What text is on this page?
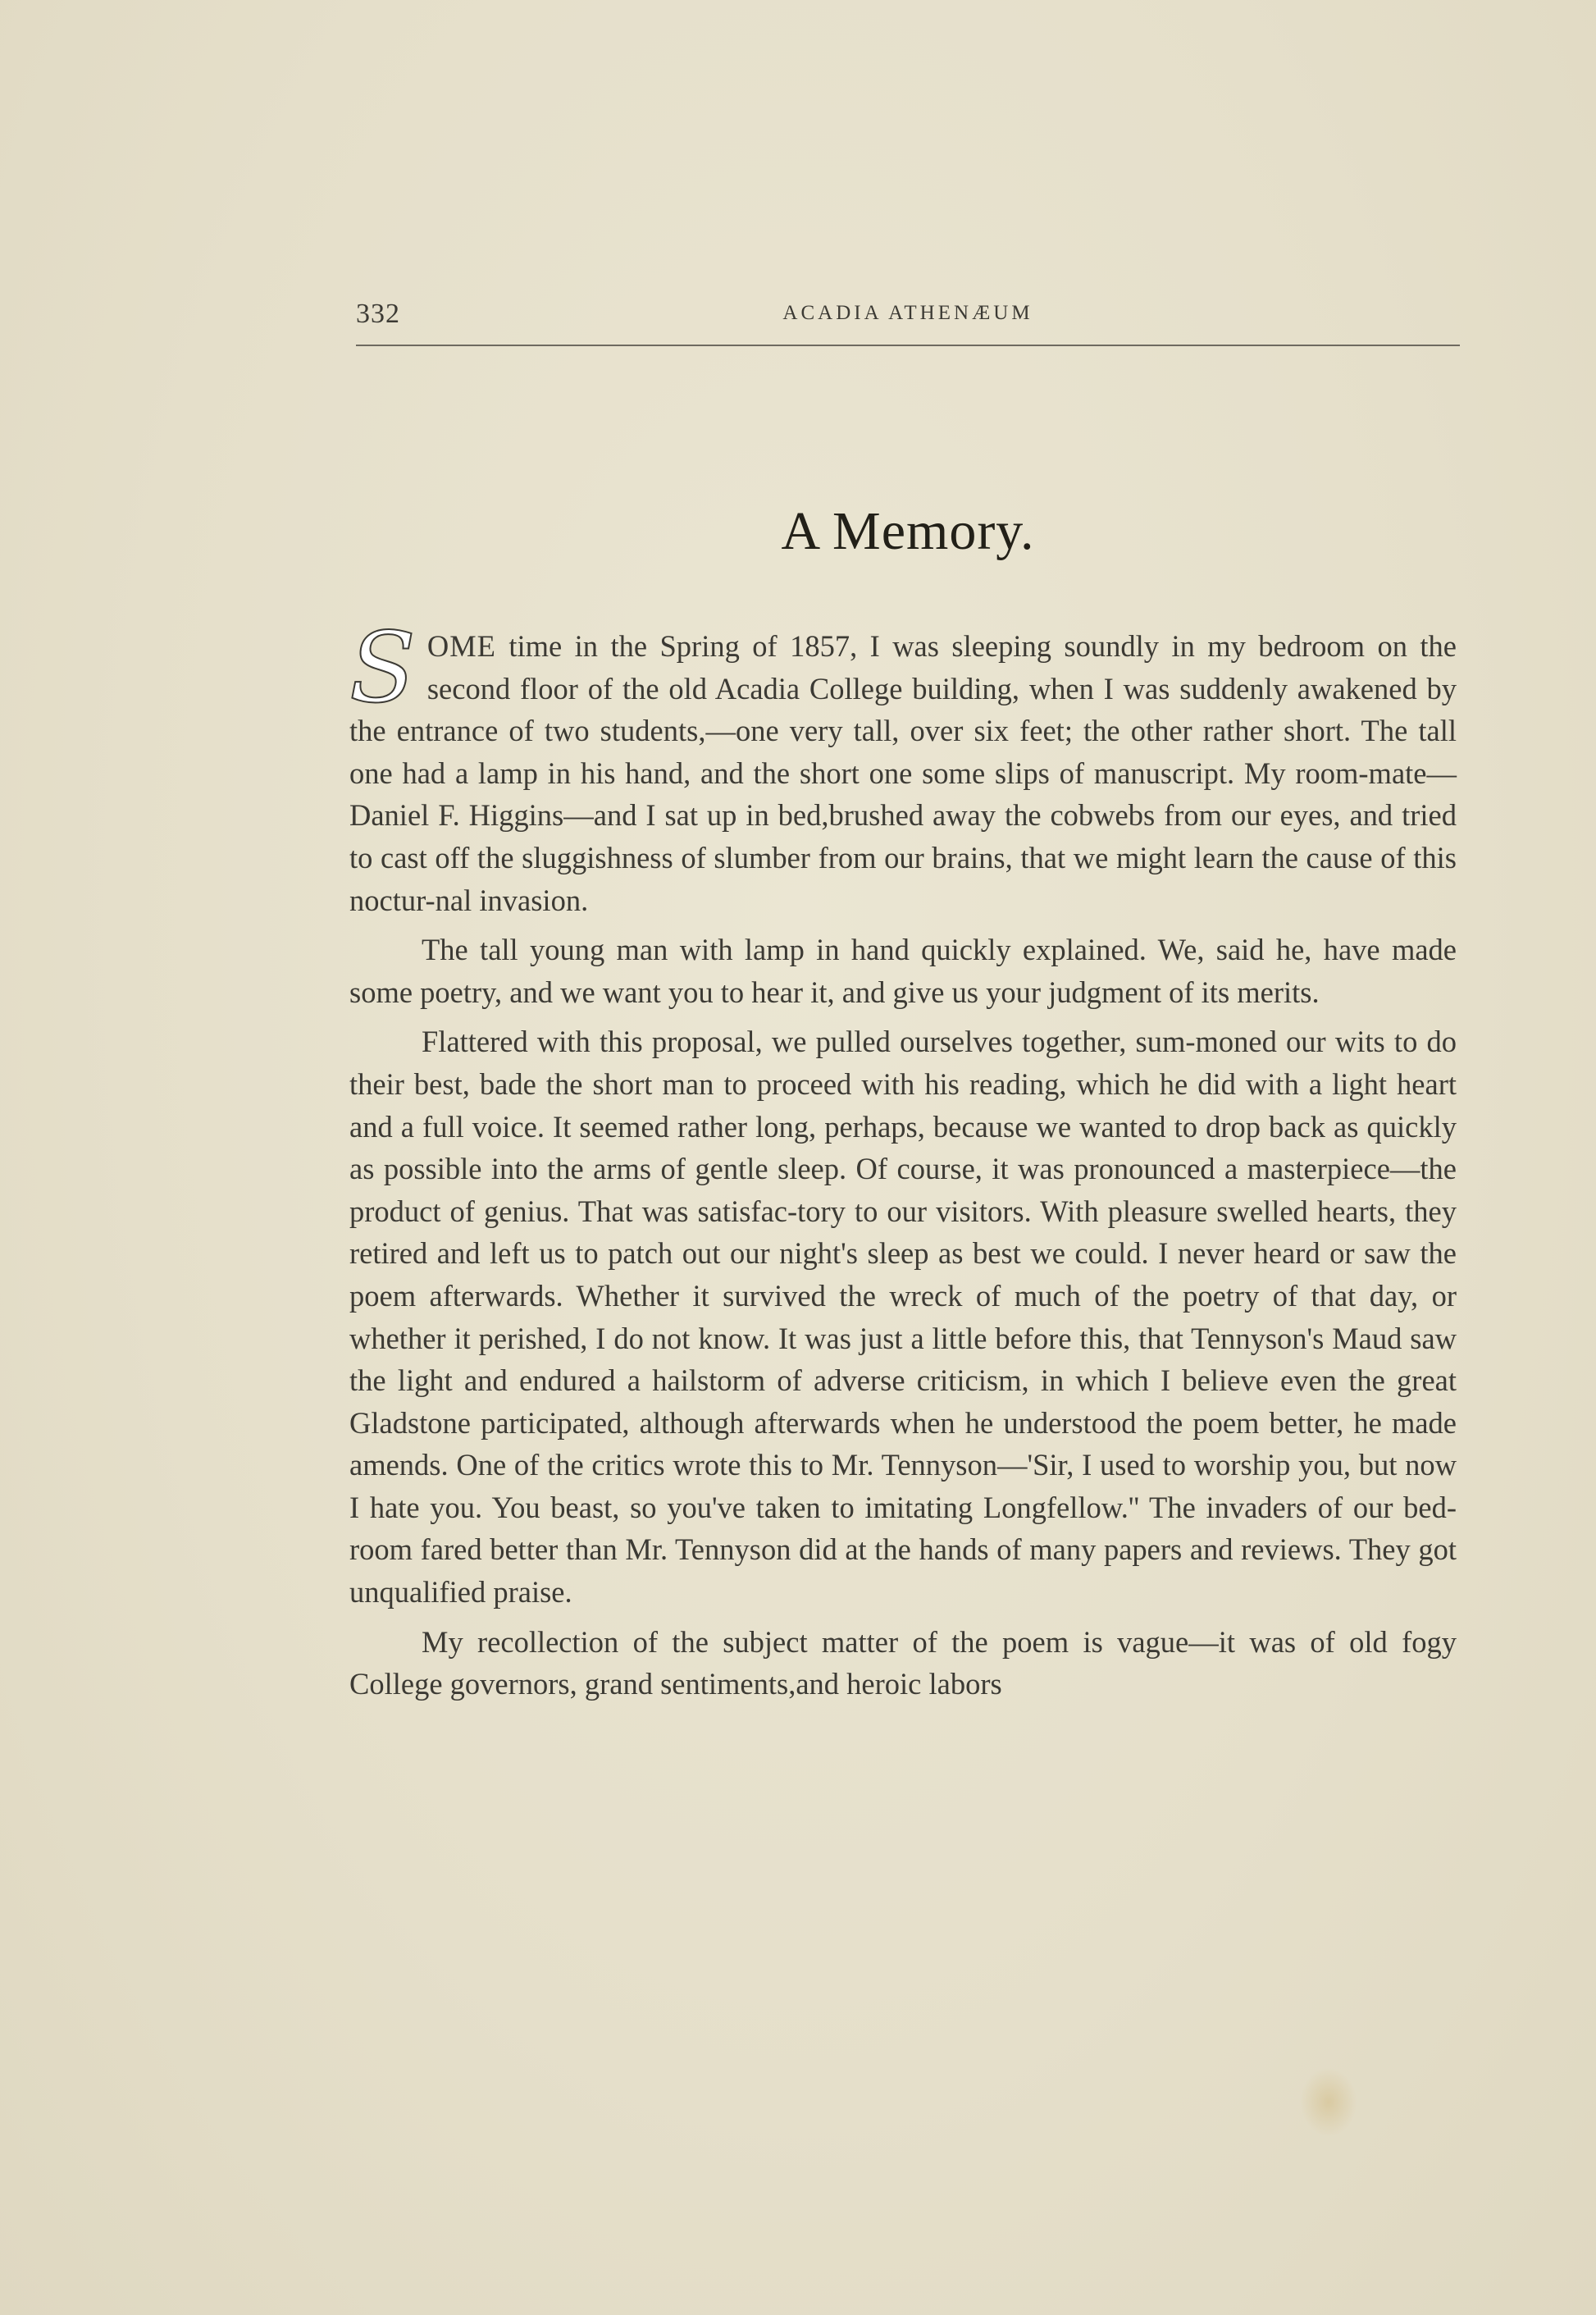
332	ACADIA ATHENÆUM
A Memory.

SOME time in the Spring of 1857, I was sleeping soundly in my bedroom on the second floor of the old Acadia College building, when I was suddenly awakened by the entrance of two students,—one very tall, over six feet; the other rather short. The tall one had a lamp in his hand, and the short one some slips of manuscript. My room-mate—Daniel F. Higgins—and I sat up in bed,brushed away the cobwebs from our eyes, and tried to cast off the sluggishness of slumber from our brains, that we might learn the cause of this noctur-nal invasion.

The tall young man with lamp in hand quickly explained. We, said he, have made some poetry, and we want you to hear it, and give us your judgment of its merits.

Flattered with this proposal, we pulled ourselves together, sum-moned our wits to do their best, bade the short man to proceed with his reading, which he did with a light heart and a full voice. It seemed rather long, perhaps, because we wanted to drop back as quickly as possible into the arms of gentle sleep. Of course, it was pronounced a masterpiece—the product of genius. That was satisfac-tory to our visitors. With pleasure swelled hearts, they retired and left us to patch out our night's sleep as best we could. I never heard or saw the poem afterwards. Whether it survived the wreck of much of the poetry of that day, or whether it perished, I do not know. It was just a little before this, that Tennyson's Maud saw the light and endured a hailstorm of adverse criticism, in which I believe even the great Gladstone participated, although afterwards when he understood the poem better, he made amends. One of the critics wrote this to Mr. Tennyson—'Sir, I used to worship you, but now I hate you. You beast, so you've taken to imitating Longfellow.'' The invaders of our bed-room fared better than Mr. Tennyson did at the hands of many papers and reviews. They got unqualified praise.

My recollection of the subject matter of the poem is vague—it was of old fogy College governors, grand sentiments,and heroic labors
